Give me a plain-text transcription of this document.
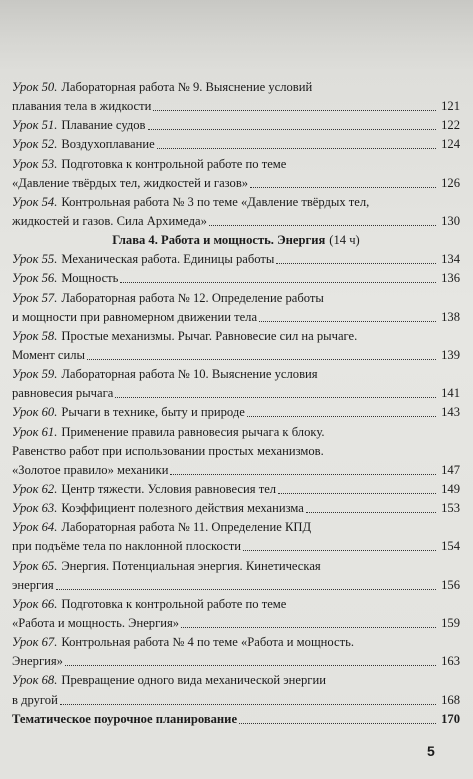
Урок 50. Лабораторная работа № 9. Выяснение условий
плавания тела в жидкости	121
Урок 51. Плавание судов	122
Урок 52. Воздухоплавание	124
Урок 53. Подготовка к контрольной работе по теме
«Давление твёрдых тел, жидкостей и газов»	126
Урок 54. Контрольная работа № 3 по теме «Давление твёрдых тел,
жидкостей и газов. Сила Архимеда»	130
Глава 4. Работа и мощность. Энергия (14 ч)
Урок 55. Механическая работа. Единицы работы	134
Урок 56. Мощность	136
Урок 57. Лабораторная работа № 12. Определение работы
и мощности при равномерном движении тела	138
Урок 58. Простые механизмы. Рычаг. Равновесие сил на рычаге.
Момент силы	139
Урок 59. Лабораторная работа № 10. Выяснение условия
равновесия рычага	141
Урок 60. Рычаги в технике, быту и природе	143
Урок 61. Применение правила равновесия рычага к блоку.
Равенство работ при использовании простых механизмов.
«Золотое правило» механики	147
Урок 62. Центр тяжести. Условия равновесия тел	149
Урок 63. Коэффициент полезного действия механизма	153
Урок 64. Лабораторная работа № 11. Определение КПД
при подъёме тела по наклонной плоскости	154
Урок 65. Энергия. Потенциальная энергия. Кинетическая
энергия	156
Урок 66. Подготовка к контрольной работе по теме
«Работа и мощность. Энергия»	159
Урок 67. Контрольная работа № 4 по теме «Работа и мощность.
Энергия»	163
Урок 68. Превращение одного вида механической энергии
в другой	168
Тематическое поурочное планирование	170
5
